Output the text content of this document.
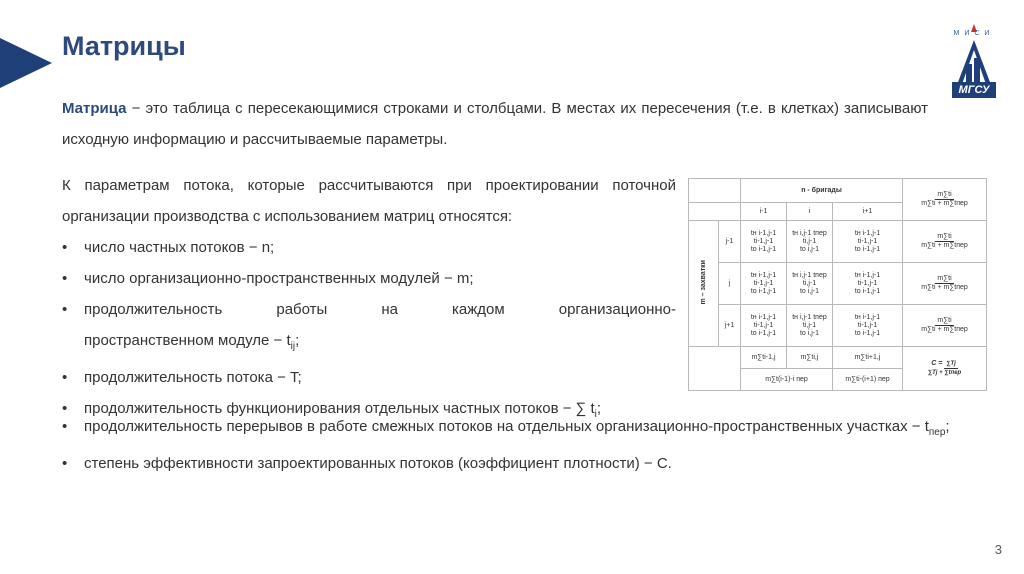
Матрицы	МИСИ
МГСУ
Матрица − это таблица с пересекающимися строками и столбцами. В местах их пересечения (т.е. в клетках) записывают исходную информацию и рассчитываемые параметры.
К параметрам потока, которые рассчитываются при проектировании поточной организации производства с использованием матриц относятся:
• число частных потоков − n;
• число организационно-пространственных модулей − m;
• продолжительность работы на каждом организационно-
пространственном модуле − $t_{ij}$;
• продолжительность потока − T;
• продолжительность функционирования отдельных частных потоков − ∑ $t_i$;
• продолжительность перерывов в работе смежных потоков на отдельных организационно-пространственных участках − $t_{пер}$;
• степень эффективности запроектированных потоков (коэффициент плотности) − С.
		n - бригады			m∑ti
m∑ti + m∑tпер
		i-1	i	i+1	
m – захватки	j-1	tн i-1,j-1
ti-1,j-1
tо i-1,j-1	tн i,j-1 tпер
ti,j-1
tо i,j-1	tн i-1,j-1
ti-1,j-1
tо i-1,j-1	m∑ti
m∑ti + m∑tпер
	j	tн i-1,j-1
ti-1,j-1
tо i-1,j-1	tн i,j-1 tпер
ti,j-1
tо i,j-1	tн i-1,j-1
ti-1,j-1
tо i-1,j-1	m∑ti
m∑ti + m∑tпер
	j+1	tн i-1,j-1
ti-1,j-1
tо i-1,j-1	tн i,j-1 tпер
ti,j-1
tо i,j-1	tн i-1,j-1
ti-1,j-1
tо i-1,j-1	m∑ti
m∑ti + m∑tпер
		m∑ti-1,j	m∑ti,j	m∑ti+1,j	C = ∑Tj
∑Tj + ∑tпер
		m∑t(i-1)-i пер		m∑ti-(i+1) пер	
3
